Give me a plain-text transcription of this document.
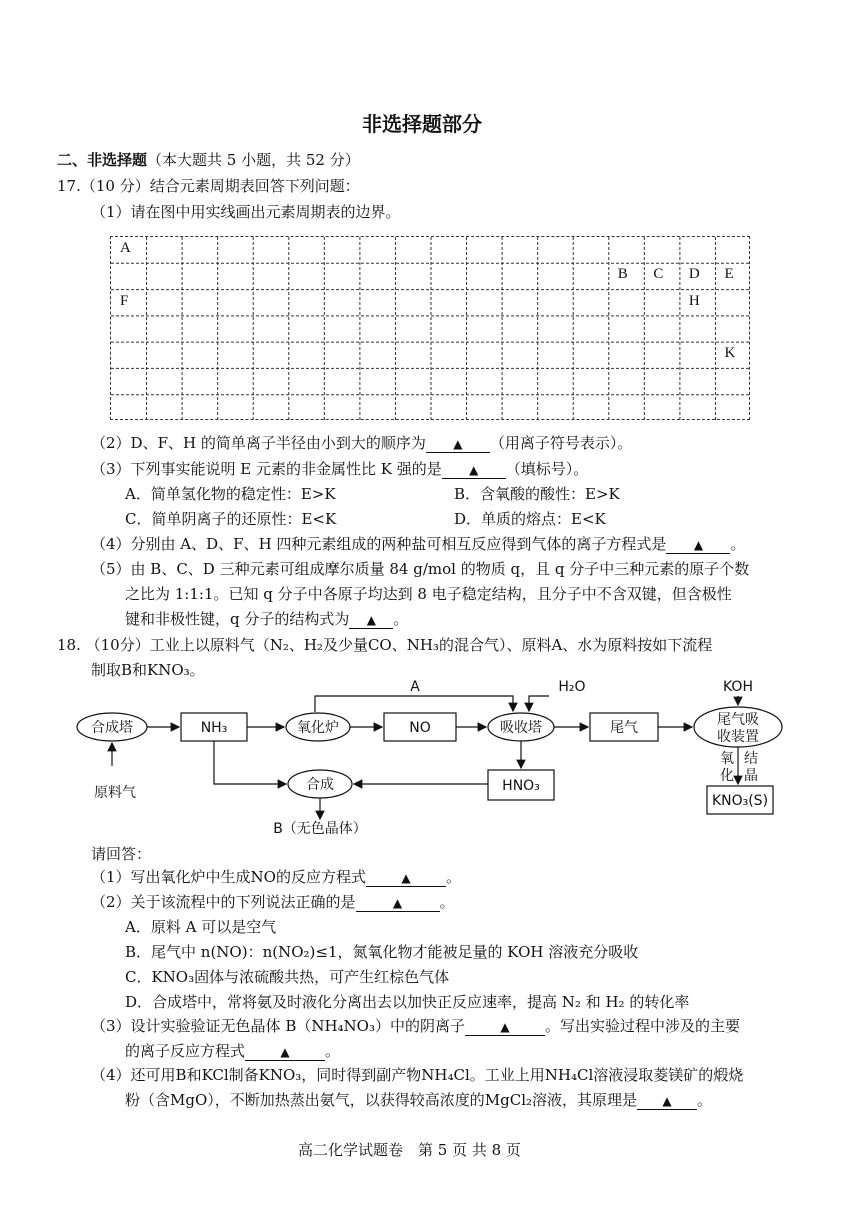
非选择题部分
二、非选择题（本大题共 5 小题，共 52 分）
17.（10 分）结合元素周期表回答下列问题：
（1）请在图中用实线画出元素周期表的边界。
A
B C D E
F	H
K
（2）D、F、H 的简单离子半径由小到大的顺序为 ▲ （用离子符号表示）。
（3）下列事实能说明 E 元素的非金属性比 K 强的是 ▲ （填标号）。
A．简单氢化物的稳定性：E>K	B．含氧酸的酸性：E>K
C．简单阴离子的还原性：E<K	D．单质的熔点：E<K
（4）分别由 A、D、F、H 四种元素组成的两种盐可相互反应得到气体的离子方程式是 ▲ 。
（5）由 B、C、D 三种元素可组成摩尔质量 84 g/mol 的物质 q，且 q 分子中三种元素的原子个数
之比为 1:1:1。已知 q 分子中各原子均达到 8 电子稳定结构，且分子中不含双键，但含极性
键和非极性键，q 分子的结构式为 ▲ 。
18. （10分）工业上以原料气（N₂、H₂及少量CO、NH₃的混合气）、原料A、水为原料按如下流程
制取B和KNO₃。
合成塔	NH₃	氧化炉	NO	吸收塔	尾气	尾气吸
收装置
A	H₂O	KOH
HNO₃
合成
原料气
B（无色晶体）
氧
化
结
晶
KNO₃(S)
请回答：
（1）写出氧化炉中生成NO的反应方程式	▲ 。
（2）关于该流程中的下列说法正确的是	▲ 。
A．原料 A 可以是空气
B．尾气中 n(NO)：n(NO₂)≤1，氮氧化物才能被足量的 KOH 溶液充分吸收
C．KNO₃固体与浓硫酸共热，可产生红棕色气体
D．合成塔中，常将氨及时液化分离出去以加快正反应速率，提高 N₂ 和 H₂ 的转化率
（3）设计实验验证无色晶体 B（NH₄NO₃）中的阴离子	▲ 。写出实验过程中涉及的主要
的离子反应方程式	▲ 。
（4）还可用B和KCl制备KNO₃，同时得到副产物NH₄Cl。工业上用NH₄Cl溶液浸取菱镁矿的煅烧
粉（含MgO），不断加热蒸出氨气，以获得较高浓度的MgCl₂溶液，其原理是 ▲ 。
高二化学试题卷　第 5 页 共 8 页
